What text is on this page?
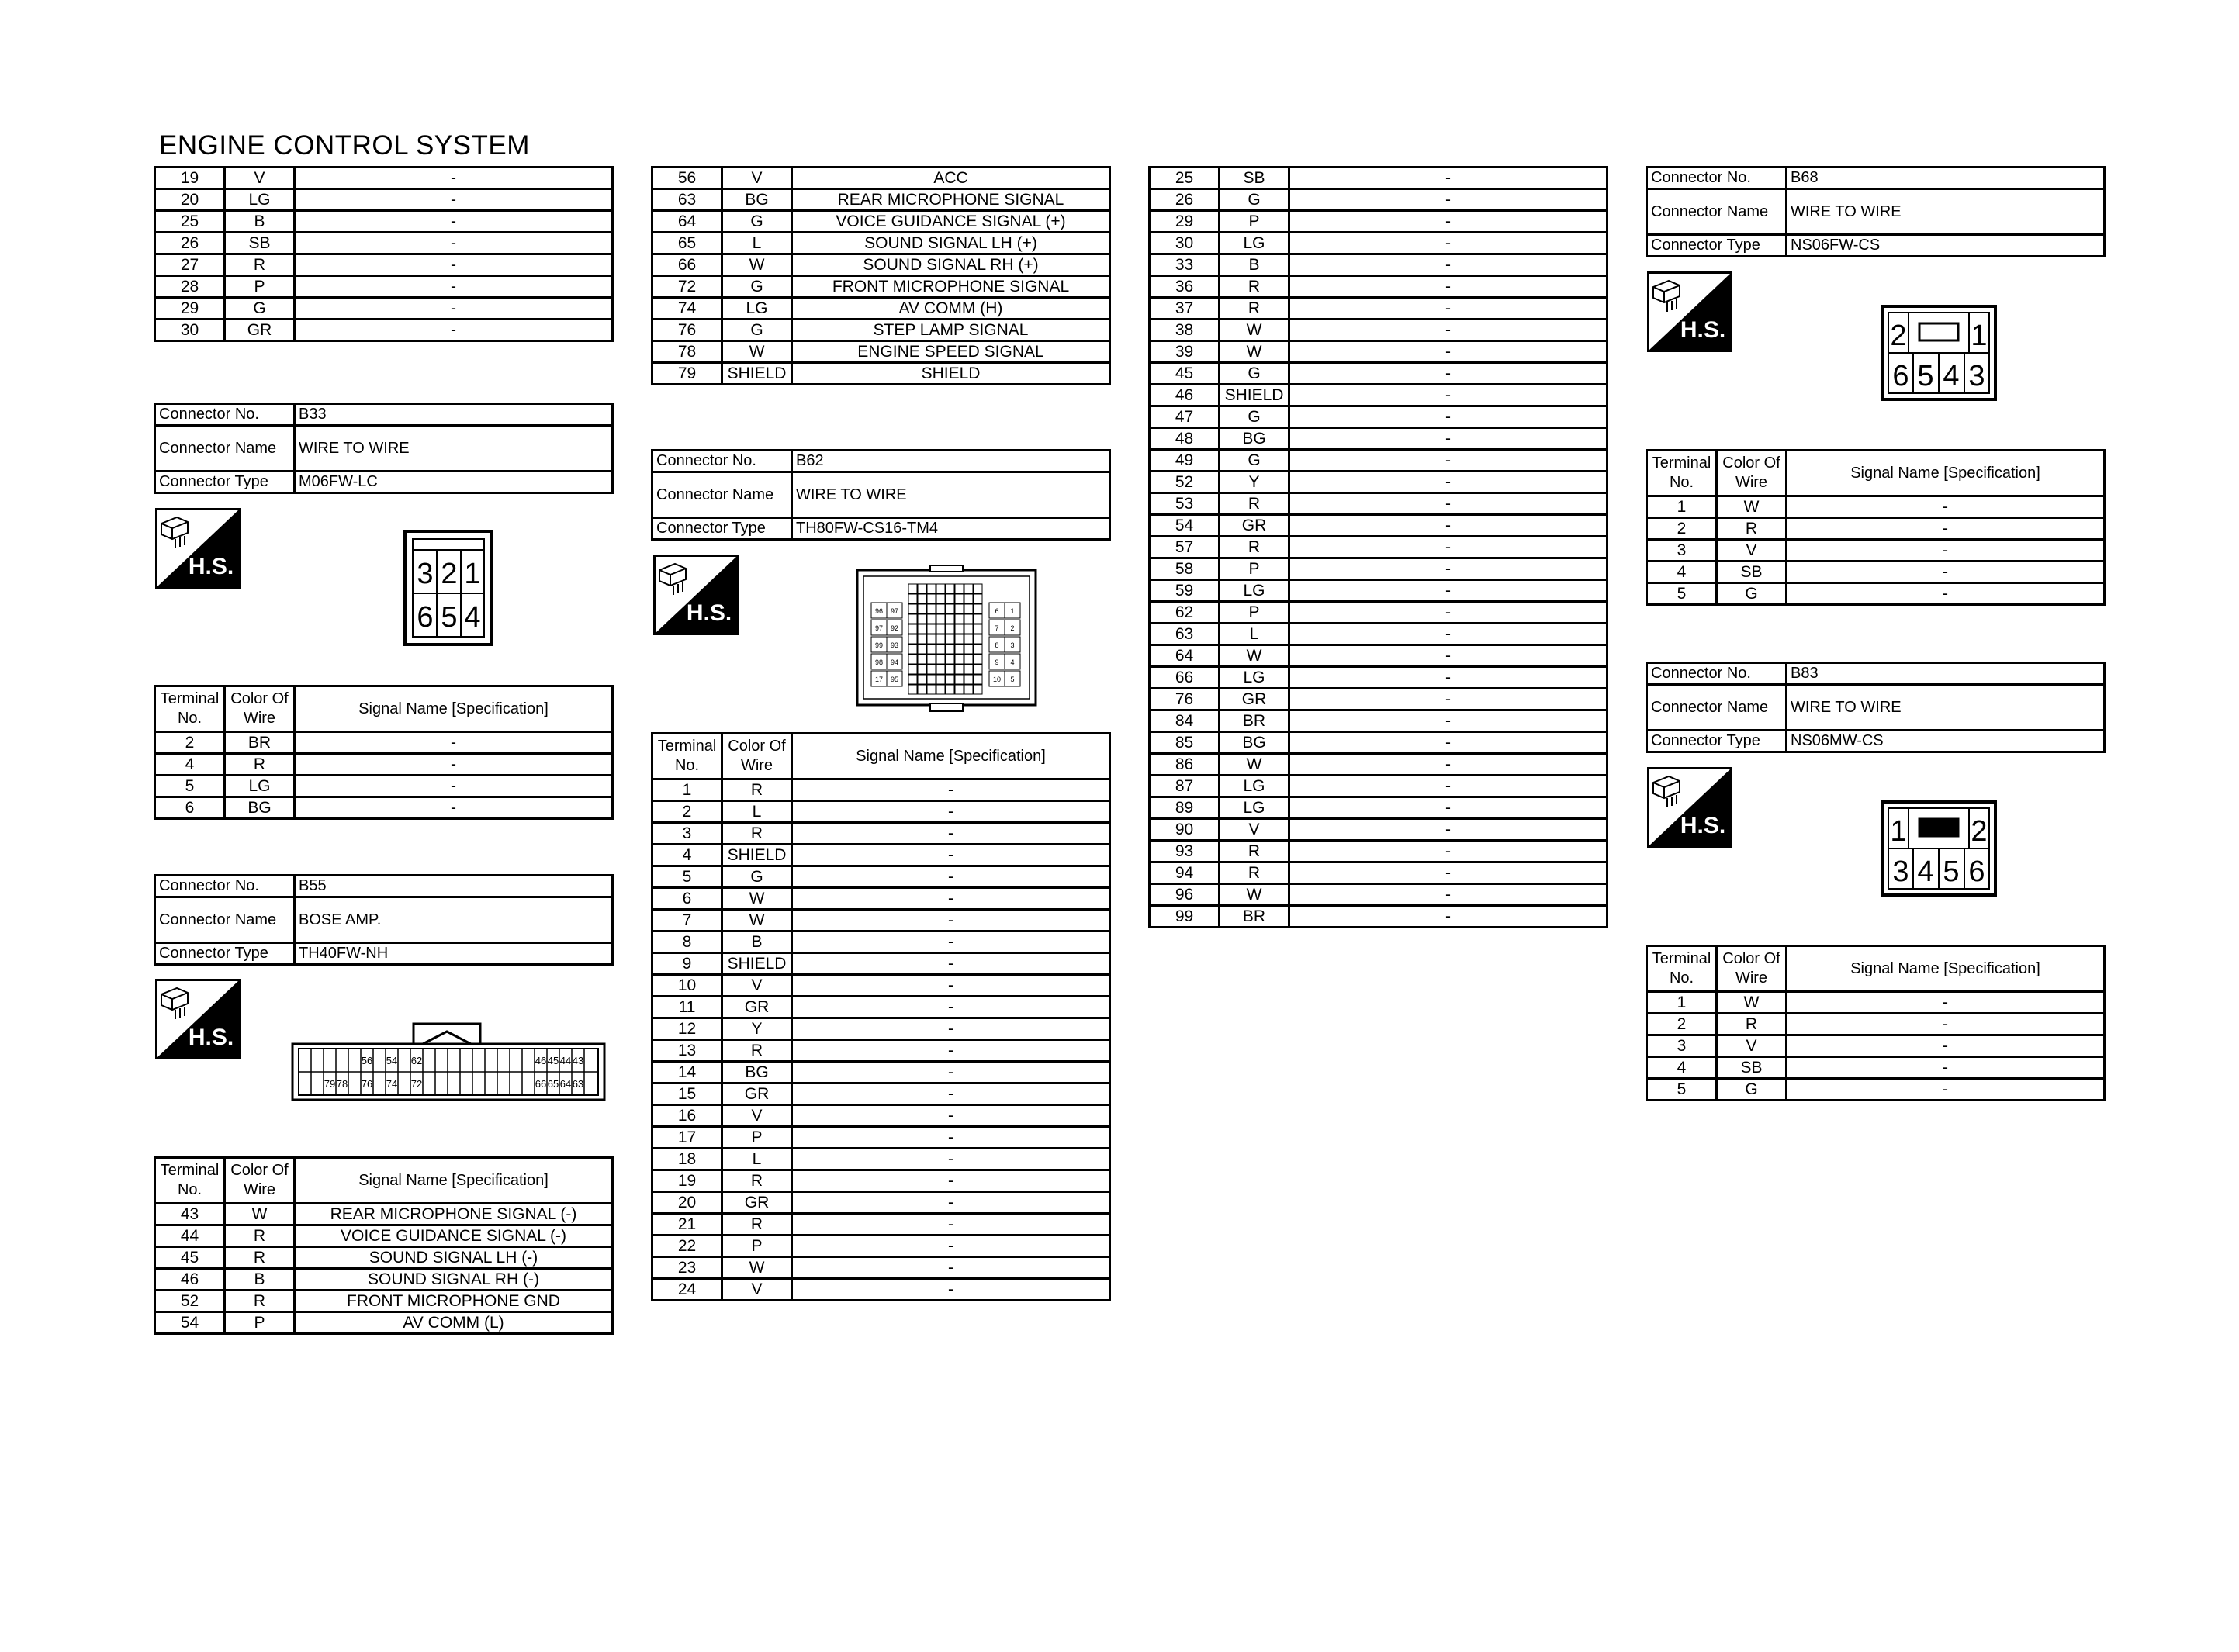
ENGINE CONTROL SYSTEM
19	V	-
20	LG	-
25	B	-
26	SB	-
27	R	-
28	P	-
29	G	-
30	GR	-
Connector No.	B33
Connector Name	WIRE TO WIRE
Connector Type	M06FW-LC
H.S.	3 2 1
6 5 4
Terminal
No.	Color Of
Wire	Signal Name [Specification]
2	BR	-
4	R	-
5	LG	-
6	BG	-
Connector No.	B55
Connector Name	BOSE AMP.
Connector Type	TH40FW-NH
H.S.
56 54 62	46 45 44 43
79 78 76 74 72	66 65 64 63
Terminal
No.	Color Of
Wire	Signal Name [Specification]
43	W	REAR MICROPHONE SIGNAL (-)
44	R	VOICE GUIDANCE SIGNAL (-)
45	R	SOUND SIGNAL LH (-)
46	B	SOUND SIGNAL RH (-)
52	R	FRONT MICROPHONE GND
54	P	AV COMM (L)
56	V	ACC
63	BG	REAR MICROPHONE SIGNAL
64	G	VOICE GUIDANCE SIGNAL (+)
65	L	SOUND SIGNAL LH (+)
66	W	SOUND SIGNAL RH (+)
72	G	FRONT MICROPHONE SIGNAL
74	LG	AV COMM (H)
76	G	STEP LAMP SIGNAL
78	W	ENGINE SPEED SIGNAL
79	SHIELD	SHIELD
Connector No.	B62
Connector Name	WIRE TO WIRE
Connector Type	TH80FW-CS16-TM4
H.S.	96 97
97 92
99 93
98 94
17 95
6 1
7 2
8 3
9 4
10 5
Terminal
No.	Color Of
Wire	Signal Name [Specification]
1	R	-
2	L	-
3	R	-
4	SHIELD	-
5	G	-
6	W	-
7	W	-
8	B	-
9	SHIELD	-
10	V	-
11	GR	-
12	Y	-
13	R	-
14	BG	-
15	GR	-
16	V	-
17	P	-
18	L	-
19	R	-
20	GR	-
21	R	-
22	P	-
23	W	-
24	V	-
25	SB	-
26	G	-
29	P	-
30	LG	-
33	B	-
36	R	-
37	R	-
38	W	-
39	W	-
45	G	-
46	SHIELD	-
47	G	-
48	BG	-
49	G	-
52	Y	-
53	R	-
54	GR	-
57	R	-
58	P	-
59	LG	-
62	P	-
63	L	-
64	W	-
66	LG	-
76	GR	-
84	BR	-
85	BG	-
86	W	-
87	LG	-
89	LG	-
90	V	-
93	R	-
94	R	-
96	W	-
99	BR	-
Connector No.	B68
Connector Name	WIRE TO WIRE
Connector Type	NS06FW-CS
H.S.	2 1
6 5 4 3
Terminal
No.	Color Of
Wire	Signal Name [Specification]
1	W	-
2	R	-
3	V	-
4	SB	-
5	G	-
Connector No.	B83
Connector Name	WIRE TO WIRE
Connector Type	NS06MW-CS
H.S.	1 2
3 4 5 6
Terminal
No.	Color Of
Wire	Signal Name [Specification]
1	W	-
2	R	-
3	V	-
4	SB	-
5	G	-
